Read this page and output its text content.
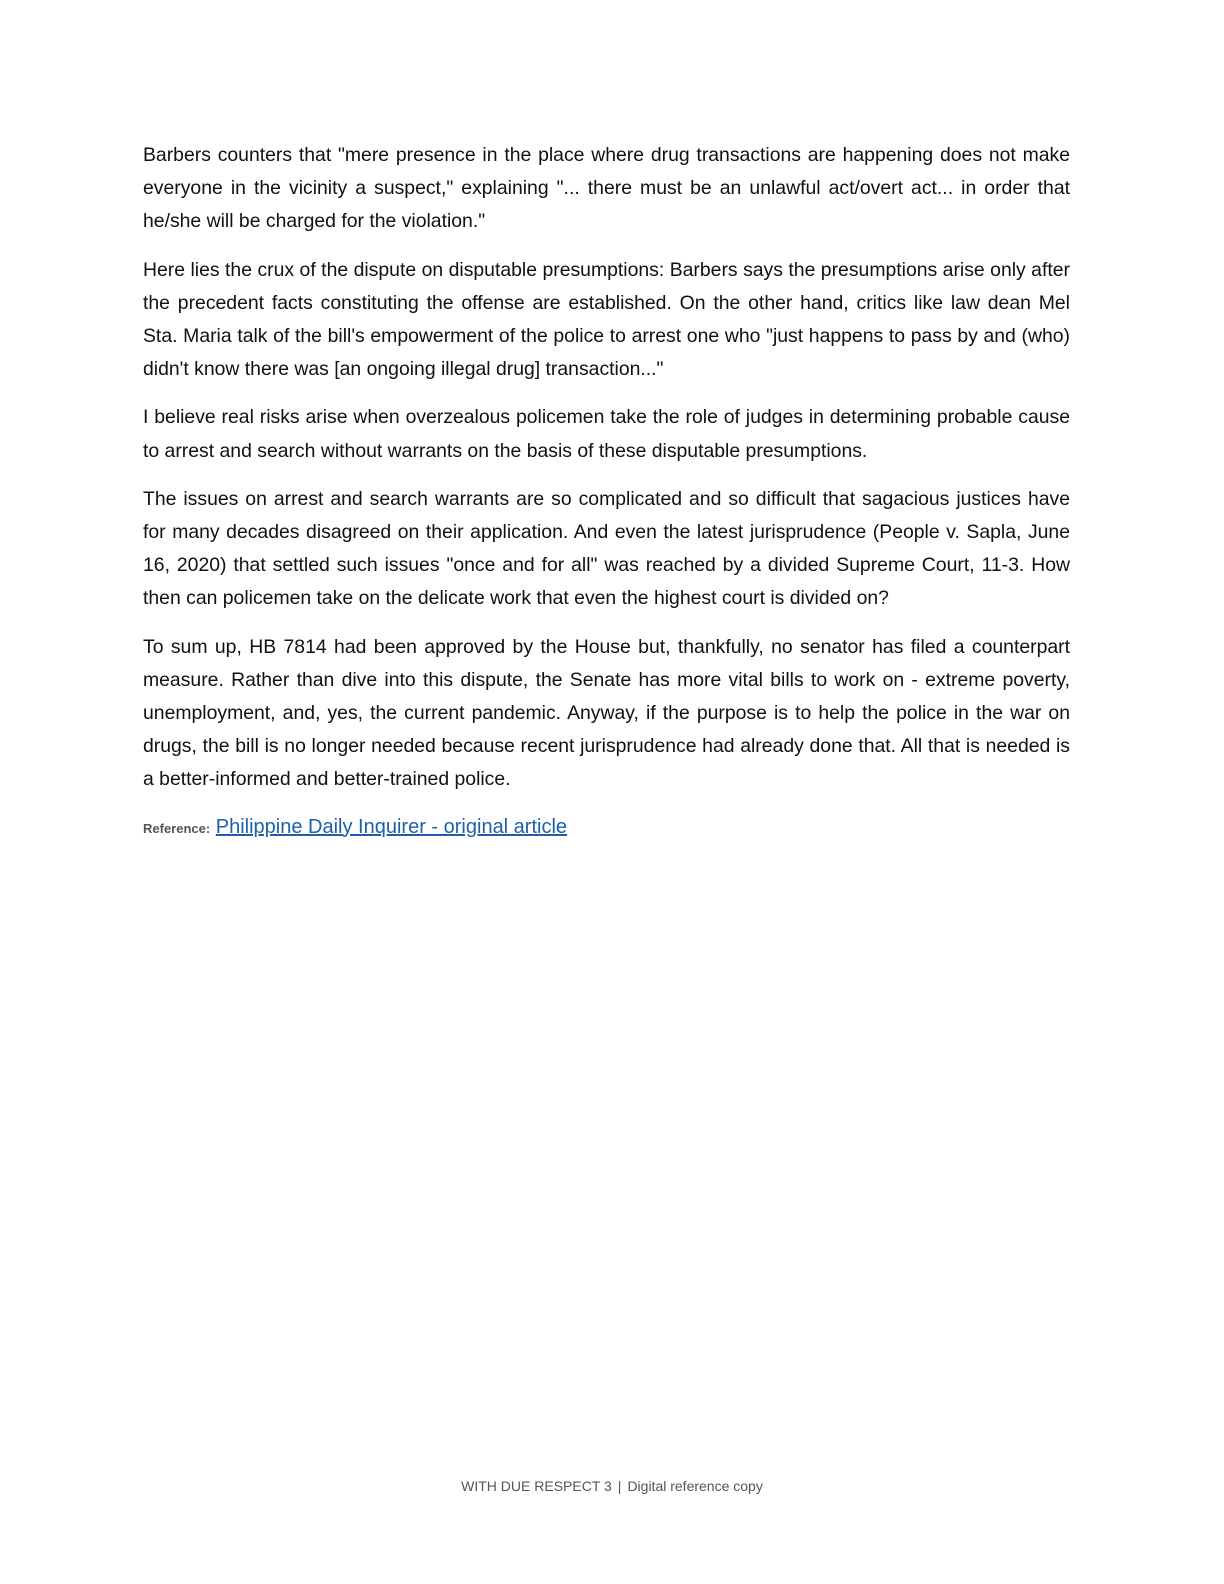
Barbers counters that "mere presence in the place where drug transactions are happening does not make everyone in the vicinity a suspect," explaining "... there must be an unlawful act/overt act... in order that he/she will be charged for the violation."

Here lies the crux of the dispute on disputable presumptions: Barbers says the presumptions arise only after the precedent facts constituting the offense are established. On the other hand, critics like law dean Mel Sta. Maria talk of the bill's empowerment of the police to arrest one who "just happens to pass by and (who) didn't know there was [an ongoing illegal drug] transaction..."

I believe real risks arise when overzealous policemen take the role of judges in determining probable cause to arrest and search without warrants on the basis of these disputable presumptions.

The issues on arrest and search warrants are so complicated and so difficult that sagacious justices have for many decades disagreed on their application. And even the latest jurisprudence (People v. Sapla, June 16, 2020) that settled such issues "once and for all" was reached by a divided Supreme Court, 11-3. How then can policemen take on the delicate work that even the highest court is divided on?

To sum up, HB 7814 had been approved by the House but, thankfully, no senator has filed a counterpart measure. Rather than dive into this dispute, the Senate has more vital bills to work on - extreme poverty, unemployment, and, yes, the current pandemic. Anyway, if the purpose is to help the police in the war on drugs, the bill is no longer needed because recent jurisprudence had already done that. All that is needed is a better-informed and better-trained police.

Reference: Philippine Daily Inquirer - original article
WITH DUE RESPECT 3 | Digital reference copy
